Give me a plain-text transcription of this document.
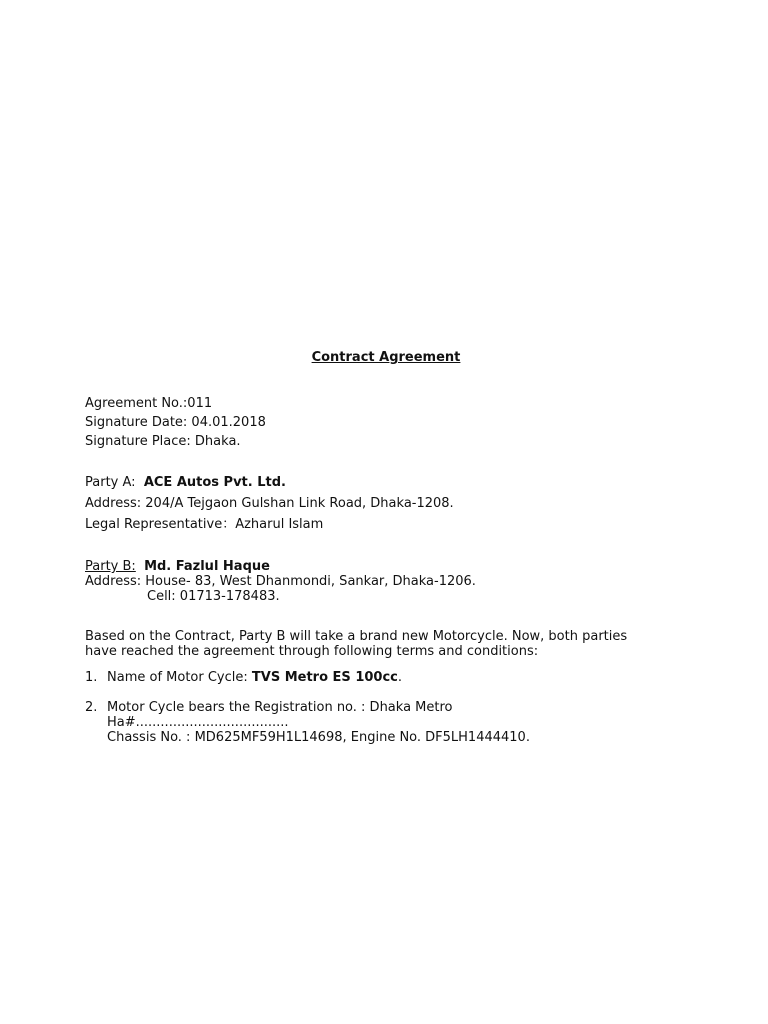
Contract Agreement
Agreement No.:011
Signature Date: 04.01.2018
Signature Place: Dhaka.
Party A: ACE Autos Pvt. Ltd.
Address: 204/A Tejgaon Gulshan Link Road, Dhaka-1208.
Legal Representative：Azharul Islam
Party B: Md. Fazlul Haque
Address: House- 83, West Dhanmondi, Sankar, Dhaka-1206.
Cell: 01713-178483.
Based on the Contract, Party B will take a brand new Motorcycle. Now, both parties
have reached the agreement through following terms and conditions:
1. Name of Motor Cycle: TVS Metro ES 100cc.
2. Motor Cycle bears the Registration no. : Dhaka Metro
Ha#.....................................
Chassis No. : MD625MF59H1L14698, Engine No. DF5LH1444410.
